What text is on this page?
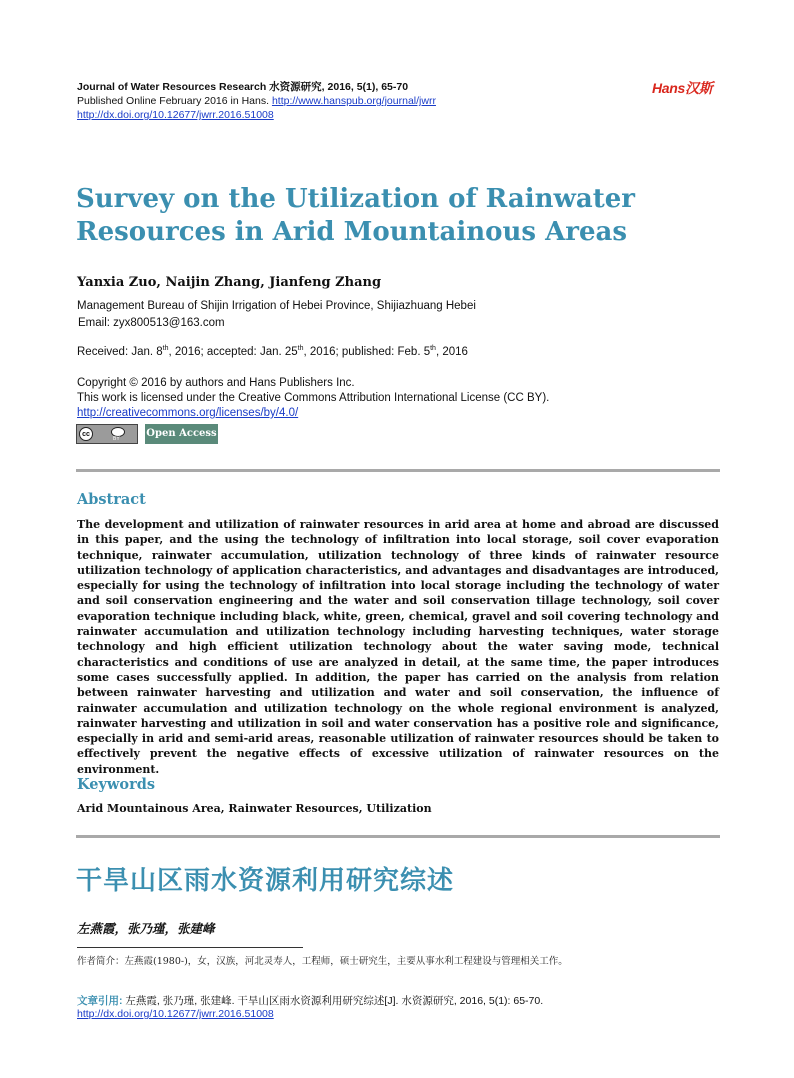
Journal of Water Resources Research 水资源研究, 2016, 5(1), 65-70
Published Online February 2016 in Hans. http://www.hanspub.org/journal/jwrr
http://dx.doi.org/10.12677/jwrr.2016.51008
Hans汉斯
Survey on the Utilization of Rainwater
Resources in Arid Mountainous Areas
Yanxia Zuo, Naijin Zhang, Jianfeng Zhang
Management Bureau of Shijin Irrigation of Hebei Province, Shijiazhuang Hebei
Email: zyx800513@163.com
Received: Jan. 8th, 2016; accepted: Jan. 25th, 2016; published: Feb. 5th, 2016
Copyright © 2016 by authors and Hans Publishers Inc.
This work is licensed under the Creative Commons Attribution International License (CC BY).
http://creativecommons.org/licenses/by/4.0/
cc
BY	Open Access
Abstract
The development and utilization of rainwater resources in arid area at home and abroad are discussed in this paper, and the using the technology of infiltration into local storage, soil cover evaporation technique, rainwater accumulation, utilization technology of three kinds of rainwater resource utilization technology of application characteristics, and advantages and disadvantages are introduced, especially for using the technology of infiltration into local storage including the technology of water and soil conservation engineering and the water and soil conservation tillage technology, soil cover evaporation technique including black, white, green, chemical, gravel and soil covering technology and rainwater accumulation and utilization technology including harvesting techniques, water storage technology and high efficient utilization technology about the water saving mode, technical characteristics and conditions of use are analyzed in detail, at the same time, the paper introduces some cases successfully applied. In addition, the paper has carried on the analysis from relation between rainwater harvesting and utilization and water and soil conservation, the influence of rainwater accumulation and utilization technology on the whole regional environment is analyzed, rainwater harvesting and utilization in soil and water conservation has a positive role and significance, especially in arid and semi-arid areas, reasonable utilization of rainwater resources should be taken to effectively prevent the negative effects of excessive utilization of rainwater resources on the environment.
Keywords
Arid Mountainous Area, Rainwater Resources, Utilization
干旱山区雨水资源利用研究综述
左燕霞，张乃瑾，张建峰
作者简介：左燕霞(1980-)，女，汉族，河北灵寿人，工程师，硕士研究生，主要从事水利工程建设与管理相关工作。
文章引用: 左燕霞, 张乃瑾, 张建峰. 干旱山区雨水资源利用研究综述[J]. 水资源研究, 2016, 5(1): 65-70.
http://dx.doi.org/10.12677/jwrr.2016.51008
